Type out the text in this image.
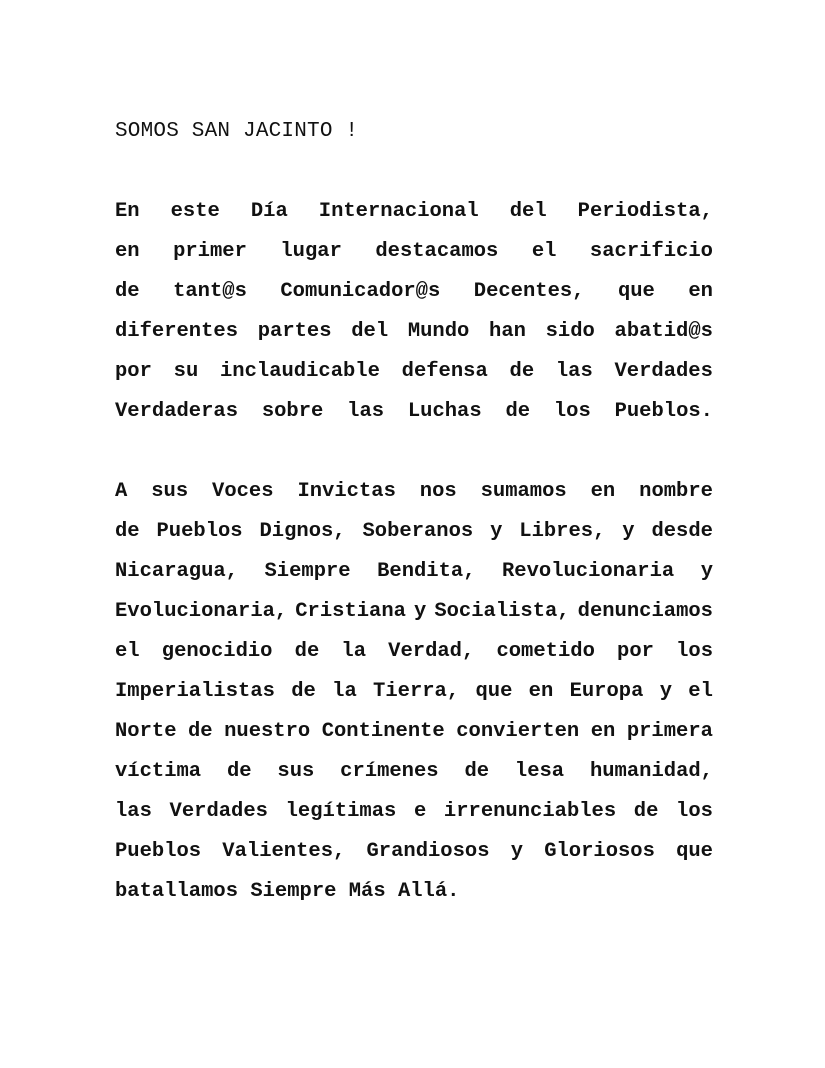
SOMOS SAN JACINTO !
En este Día Internacional del Periodista,
en primer lugar destacamos el sacrificio
de tant@s Comunicador@s Decentes, que en
diferentes partes del Mundo han sido abatid@s
por su inclaudicable defensa de las Verdades
Verdaderas sobre las Luchas de los Pueblos.
A sus Voces Invictas nos sumamos en nombre
de Pueblos Dignos, Soberanos y Libres, y desde
Nicaragua, Siempre Bendita, Revolucionaria y
Evolucionaria, Cristiana y Socialista, denunciamos
el genocidio de la Verdad, cometido por los
Imperialistas de la Tierra, que en Europa y el
Norte de nuestro Continente convierten en primera
víctima de sus crímenes de lesa humanidad,
las Verdades legítimas e irrenunciables de los
Pueblos Valientes, Grandiosos y Gloriosos que
batallamos Siempre Más Allá.
